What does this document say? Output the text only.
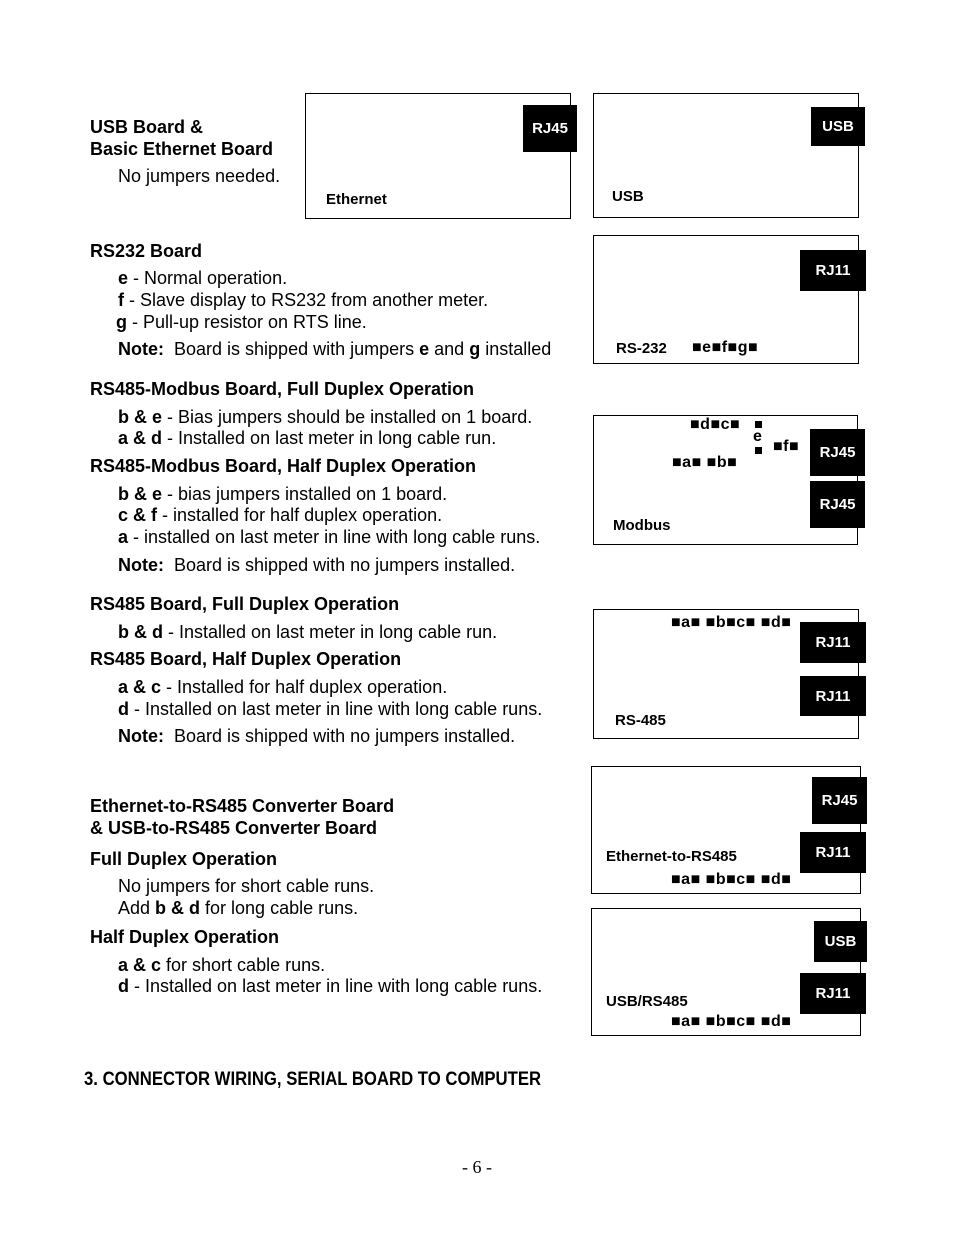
USB Board &
Basic Ethernet Board
No jumpers needed.
RS232 Board
e - Normal operation.
f - Slave display to RS232 from another meter.
g - Pull-up resistor on RTS line.
Note:  Board is shipped with jumpers e and g installed
RS485-Modbus Board, Full Duplex Operation
b & e - Bias jumpers should be installed on 1 board.
a & d - Installed on last meter in long cable run.
RS485-Modbus Board, Half Duplex Operation
b & e - bias jumpers installed on 1 board.
c & f - installed for half duplex operation.
a - installed on last meter in line with long cable runs.
Note:  Board is shipped with no jumpers installed.
RS485 Board, Full Duplex Operation
b & d - Installed on last meter in long cable run.
RS485 Board, Half Duplex Operation
a & c - Installed for half duplex operation.
d - Installed on last meter in line with long cable runs.
Note:  Board is shipped with no jumpers installed.
Ethernet-to-RS485 Converter Board
& USB-to-RS485 Converter Board
Full Duplex Operation
No jumpers for short cable runs.
Add b & d for long cable runs.
Half Duplex Operation
a & c for short cable runs.
d - Installed on last meter in line with long cable runs.
Ethernet
RJ45
USB
USB
RS-232 ■e■f■g■
RJ11
Modbus
■d■c■
e
■f■
■a■ ■b■
RJ45
RJ45
RS-485
■a■ ■b■c■ ■d■
RJ11
RJ11
Ethernet-to-RS485
■a■ ■b■c■ ■d■
RJ45
RJ11
USB/RS485
■a■ ■b■c■ ■d■
USB
RJ11
3. CONNECTOR WIRING, SERIAL BOARD TO COMPUTER
- 6 -
